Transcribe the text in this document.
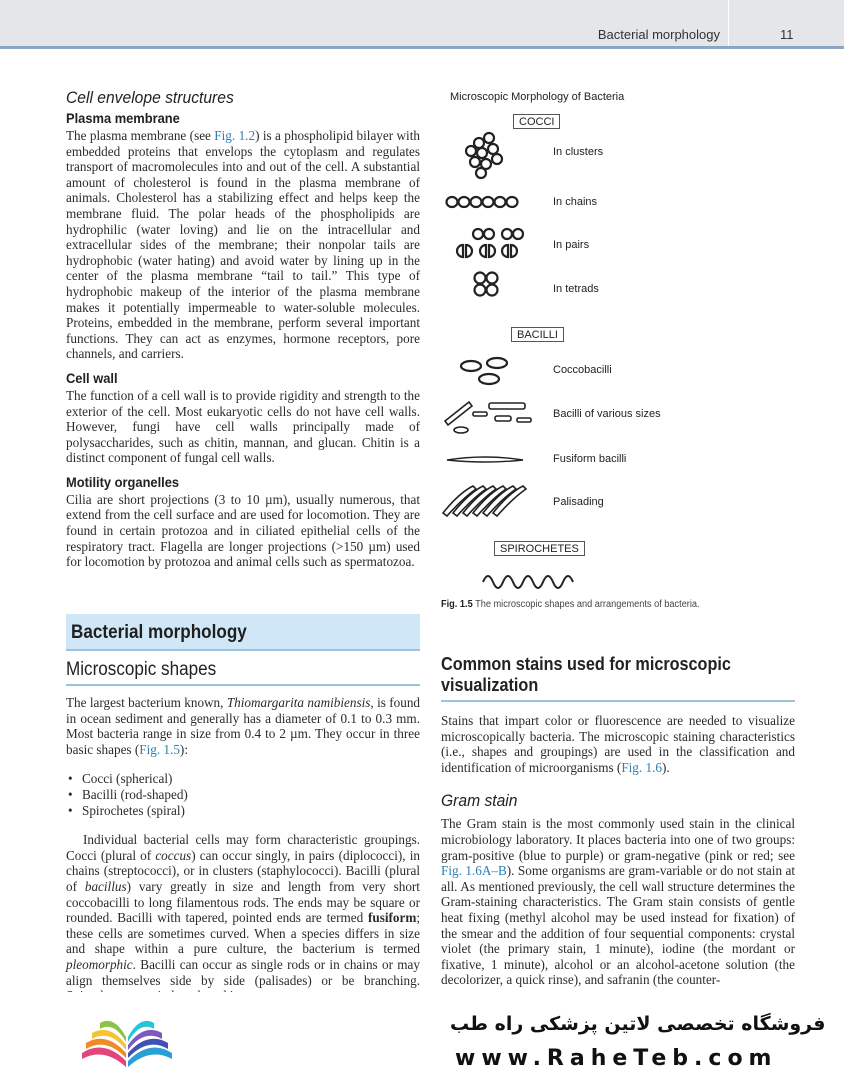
Bacterial morphology	11
Cell envelope structures
Plasma membrane

The plasma membrane (see Fig. 1.2) is a phospholipid bilayer with embedded proteins that envelops the cytoplasm and regulates transport of macromolecules into and out of the cell. A substantial amount of cholesterol is found in the plasma membrane of animals. Cholesterol has a stabilizing effect and helps keep the membrane fluid. The polar heads of the phospholipids are hydrophilic (water loving) and lie on the intracellular and extracellular sides of the membrane; their nonpolar tails are hydrophobic (water hating) and avoid water by lining up in the center of the plasma membrane “tail to tail.” This type of hydrophobic makeup of the interior of the plasma membrane makes it potentially impermeable to water-soluble molecules. Proteins, embedded in the membrane, perform several important functions. They can act as enzymes, hormone receptors, pore channels, and carriers.

Cell wall

The function of a cell wall is to provide rigidity and strength to the exterior of the cell. Most eukaryotic cells do not have cell walls. However, fungi have cell walls principally made of polysaccharides, such as chitin, mannan, and glucan. Chitin is a distinct component of fungal cell walls.

Motility organelles

Cilia are short projections (3 to 10 µm), usually numerous, that extend from the cell surface and are used for locomotion. They are found in certain protozoa and in ciliated epithelial cells of the respiratory tract. Flagella are longer projections (>150 µm) used for locomotion by protozoa and animal cells such as spermatozoa.

Bacterial morphology
Microscopic shapes

The largest bacterium known, Thiomargarita namibiensis, is found in ocean sediment and generally has a diameter of 0.1 to 0.3 mm. Most bacteria range in size from 0.4 to 2 µm. They occur in three basic shapes (Fig. 1.5):

• Cocci (spherical)
• Bacilli (rod-shaped)
• Spirochetes (spiral)

Individual bacterial cells may form characteristic groupings. Cocci (plural of coccus) can occur singly, in pairs (diplococci), in chains (streptococci), or in clusters (staphylococci). Bacilli (plural of bacillus) vary greatly in size and length from very short coccobacilli to long filamentous rods. The ends may be square or rounded. Bacilli with tapered, pointed ends are termed fusiform; these cells are sometimes curved. When a species differs in size and shape within a pure culture, the bacterium is termed pleomorphic. Bacilli can occur as single rods or in chains or may align themselves side by side (palisades) or be branching.

Microscopic Morphology of Bacteria
COCCI
In clusters
In chains
In pairs
In tetrads
BACILLI
Coccobacilli
Bacilli of various sizes
Fusiform bacilli
Palisading
SPIROCHETES
Fig. 1.5 The microscopic shapes and arrangements of bacteria.
Common stains used for microscopic visualization

Stains that impart color or fluorescence are needed to visualize microscopically bacteria. The microscopic staining characteristics (i.e., shapes and groupings) are used in the classification and identification of microorganisms (Fig. 1.6).

Gram stain

The Gram stain is the most commonly used stain in the clinical microbiology laboratory. It places bacteria into one of two groups: gram-positive (blue to purple) or gram-negative (pink or red; see Fig. 1.6A–B). Some organisms are gram-variable or do not stain at all. As mentioned previously, the cell wall structure determines the Gram-staining characteristics. The Gram stain consists of gentle heat fixing (methyl alcohol may be used instead for fixation) of the smear and the addition of four sequential components: crystal violet (the primary stain, 1 minute), iodine (the mordant or fixative, 1 minute), alcohol or an alcohol-acetone solution (the decolorizer, a quick rinse), and safranin (the counter-

فروشگاه تخصصی لاتین پزشکی راه طب
www.RaheTeb.com
